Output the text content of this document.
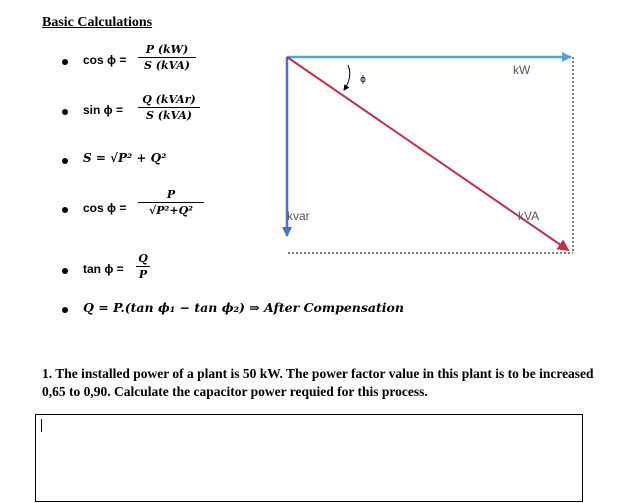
Basic Calculations
cos ϕ =
P (kW)
S (kVA)
sin ϕ =
Q (kVAr)
S (kVA)
S = √P² + Q²
cos ϕ =
P
√P²+Q²
tan ϕ =
Q
P
Q = P.(tan ϕ₁ − tan ϕ₂) ⇒ After Compensation
ϕ
kW
kvar	kVA
1. The installed power of a plant is 50 kW. The power factor value in this plant is to be increased 0,65 to 0,90. Calculate the capacitor power requied for this process.
